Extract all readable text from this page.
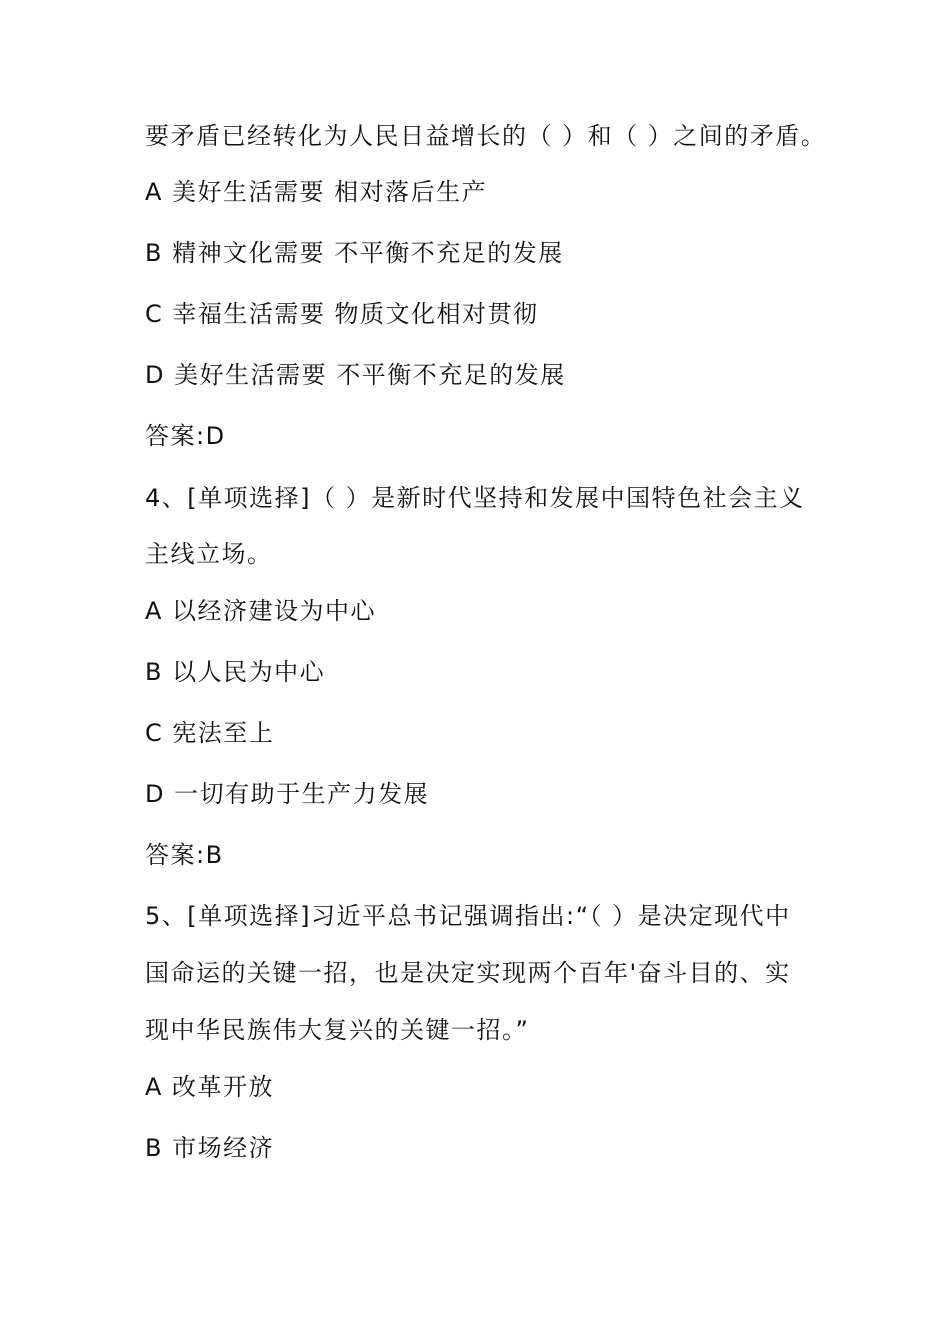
要矛盾已经转化为人民日益增长的（ ）和（ ）之间的矛盾。
A 美好生活需要 相对落后生产
B 精神文化需要 不平衡不充足的发展
C 幸福生活需要 物质文化相对贯彻
D 美好生活需要 不平衡不充足的发展
答案:D
4、[单项选择]（ ）是新时代坚持和发展中国特色社会主义
主线立场。
A 以经济建设为中心
B 以人民为中心
C 宪法至上
D 一切有助于生产力发展
答案:B
5、[单项选择]习近平总书记强调指出:“（ ）是决定现代中
国命运的关键一招，也是决定实现两个百年'奋斗目的、实
现中华民族伟大复兴的关键一招。”
A 改革开放
B 市场经济
